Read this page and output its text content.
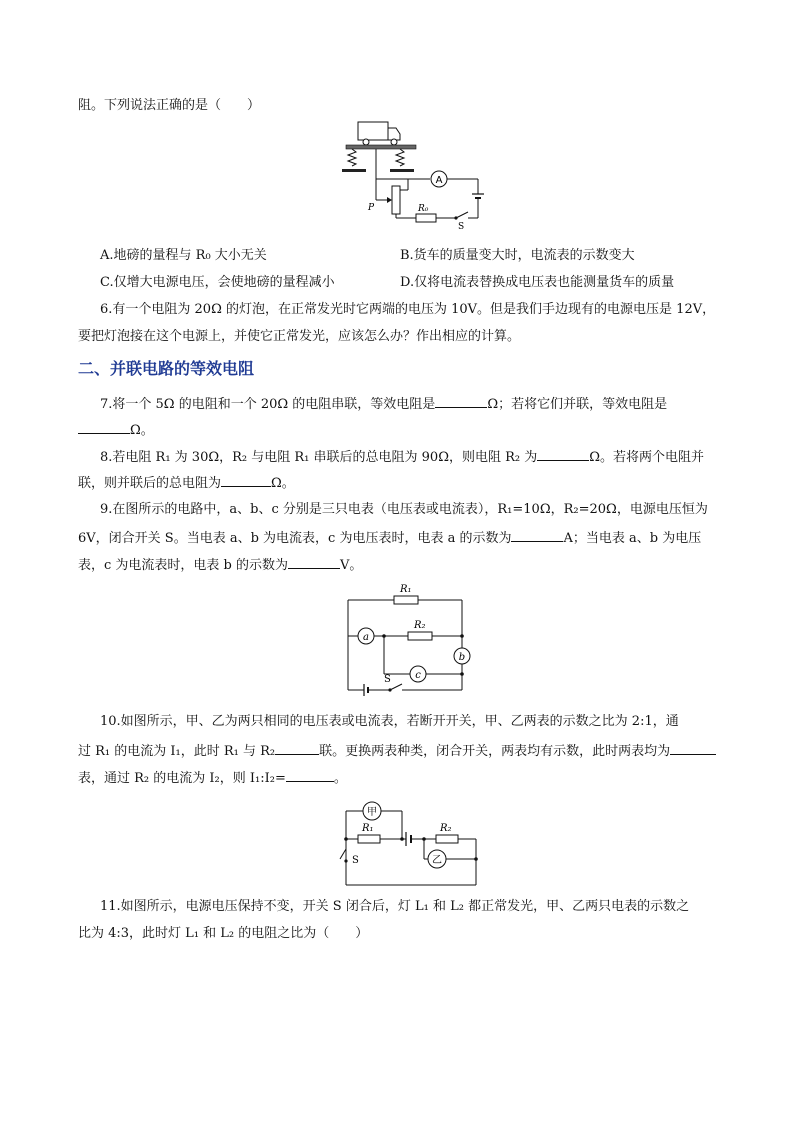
阻。下列说法正确的是（　　）
A
S
R₀
P
A.地磅的量程与 R₀ 大小无关	B.货车的质量变大时，电流表的示数变大
C.仅增大电源电压，会使地磅的量程减小	D.仅将电流表替换成电压表也能测量货车的质量
6.有一个电阻为 20Ω 的灯泡，在正常发光时它两端的电压为 10V。但是我们手边现有的电源电压是 12V，
要把灯泡接在这个电源上，并使它正常发光，应该怎么办？作出相应的计算。
二、并联电路的等效电阻
7.将一个 5Ω 的电阻和一个 20Ω 的电阻串联，等效电阻是	Ω；若将它们并联，等效电阻是
Ω。
8.若电阻 R₁ 为 30Ω，R₂ 与电阻 R₁ 串联后的总电阻为 90Ω，则电阻 R₂ 为	Ω。若将两个电阻并
联，则并联后的总电阻为	Ω。
9.在图所示的电路中，a、b、c 分别是三只电表（电压表或电流表），R₁=10Ω，R₂=20Ω，电源电压恒为
6V，闭合开关 S。当电表 a、b 为电流表，c 为电压表时，电表 a 的示数为	A；当电表 a、b 为电压
表，c 为电流表时，电表 b 的示数为	V。
R₁
a
R₂
b
c
S
10.如图所示，甲、乙为两只相同的电压表或电流表，若断开开关，甲、乙两表的示数之比为 2:1，通
过 R₁ 的电流为 I₁，此时 R₁ 与 R₂	联。更换两表种类，闭合开关，两表均有示数，此时两表均为
表，通过 R₂ 的电流为 I₂，则 I₁:I₂=	。
甲
R₁	R₂
乙
S
11.如图所示，电源电压保持不变，开关 S 闭合后，灯 L₁ 和 L₂ 都正常发光，甲、乙两只电表的示数之
比为 4:3，此时灯 L₁ 和 L₂ 的电阻之比为（　　）
